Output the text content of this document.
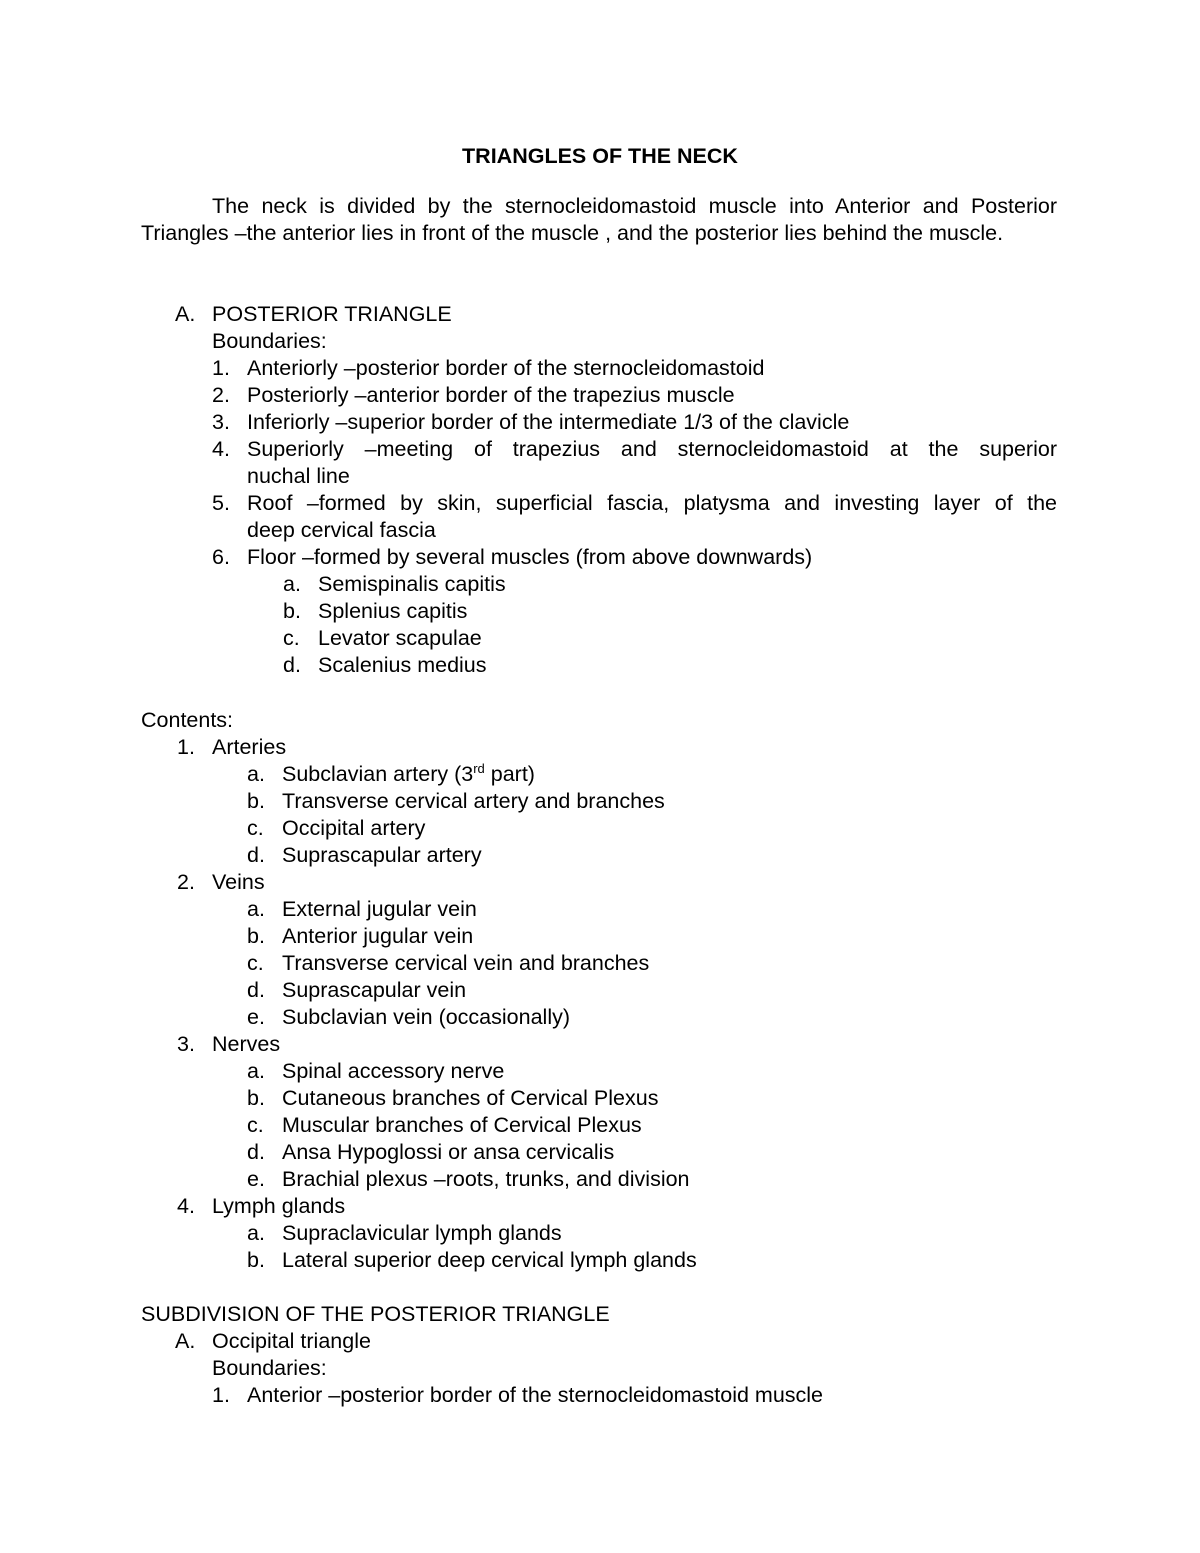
TRIANGLES OF THE NECK
The neck is divided by the sternocleidomastoid muscle into Anterior and Posterior Triangles –the anterior lies in front of the muscle , and the posterior lies behind the muscle.
A. POSTERIOR TRIANGLE
Boundaries:
1. Anteriorly –posterior border of the sternocleidomastoid
2. Posteriorly –anterior border of the trapezius muscle
3. Inferiorly –superior border of the intermediate 1/3 of the clavicle
4. Superiorly –meeting of trapezius and sternocleidomastoid at the superior
nuchal line
5. Roof –formed by skin, superficial fascia, platysma and investing layer of the
deep cervical fascia
6. Floor –formed by several muscles (from above downwards)
a. Semispinalis capitis
b. Splenius capitis
c. Levator scapulae
d. Scalenius medius
Contents:
1. Arteries
a. Subclavian artery (3rd part)
b. Transverse cervical artery and branches
c. Occipital artery
d. Suprascapular artery
2. Veins
a. External jugular vein
b. Anterior jugular vein
c. Transverse cervical vein and branches
d. Suprascapular vein
e. Subclavian vein (occasionally)
3. Nerves
a. Spinal accessory nerve
b. Cutaneous branches of Cervical Plexus
c. Muscular branches of Cervical Plexus
d. Ansa Hypoglossi or ansa cervicalis
e. Brachial plexus –roots, trunks, and division
4. Lymph glands
a. Supraclavicular lymph glands
b. Lateral superior deep cervical lymph glands
SUBDIVISION OF THE POSTERIOR TRIANGLE
A. Occipital triangle
Boundaries:
1. Anterior –posterior border of the sternocleidomastoid muscle
